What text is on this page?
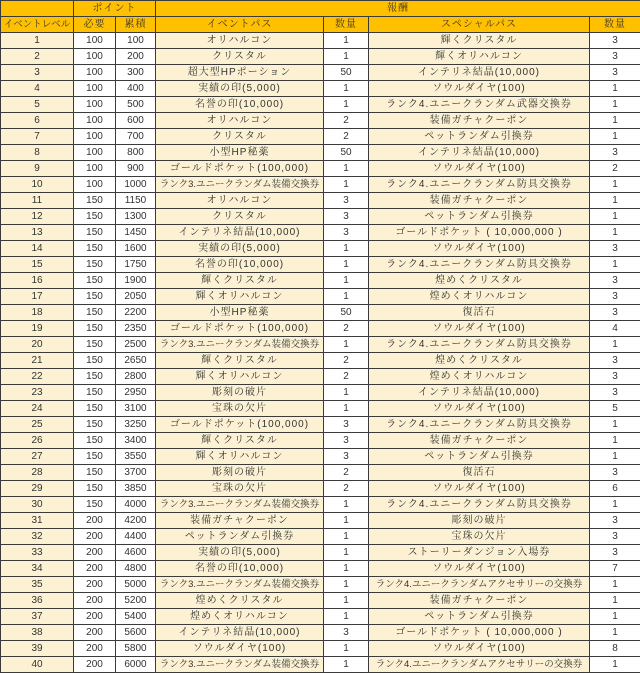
	ポイント		報酬			
イベントレベル	必要	累積	イベントパス	数量	スペシャルパス	数量
1	100	100	オリハルコン	1	輝くクリスタル	3
2	100	200	クリスタル	1	輝くオリハルコン	3
3	100	300	超大型HPポーション	50	インテリネ結晶(10,000)	3
4	100	400	実績の印(5,000)	1	ソウルダイヤ(100)	1
5	100	500	名誉の印(10,000)	1	ランク4.ユニークランダム武器交換券	1
6	100	600	オリハルコン	2	装備ガチャクーポン	1
7	100	700	クリスタル	2	ペットランダム引換券	1
8	100	800	小型HP秘薬	50	インテリネ結晶(10,000)	3
9	100	900	ゴールドポケット(100,000)	1	ソウルダイヤ(100)	2
10	100	1000	ランク3.ユニークランダム装備交換券	1	ランク4.ユニークランダム防具交換券	1
11	150	1150	オリハルコン	3	装備ガチャクーポン	1
12	150	1300	クリスタル	3	ペットランダム引換券	1
13	150	1450	インテリネ結晶(10,000)	3	ゴールドポケット ( 10,000,000 )	1
14	150	1600	実績の印(5,000)	1	ソウルダイヤ(100)	3
15	150	1750	名誉の印(10,000)	1	ランク4.ユニークランダム防具交換券	1
16	150	1900	輝くクリスタル	1	煌めくクリスタル	3
17	150	2050	輝くオリハルコン	1	煌めくオリハルコン	3
18	150	2200	小型HP秘薬	50	復活石	3
19	150	2350	ゴールドポケット(100,000)	2	ソウルダイヤ(100)	4
20	150	2500	ランク3.ユニークランダム装備交換券	1	ランク4.ユニークランダム防具交換券	1
21	150	2650	輝くクリスタル	2	煌めくクリスタル	3
22	150	2800	輝くオリハルコン	2	煌めくオリハルコン	3
23	150	2950	彫刻の破片	1	インテリネ結晶(10,000)	3
24	150	3100	宝珠の欠片	1	ソウルダイヤ(100)	5
25	150	3250	ゴールドポケット(100,000)	3	ランク4.ユニークランダム防具交換券	1
26	150	3400	輝くクリスタル	3	装備ガチャクーポン	1
27	150	3550	輝くオリハルコン	3	ペットランダム引換券	1
28	150	3700	彫刻の破片	2	復活石	3
29	150	3850	宝珠の欠片	2	ソウルダイヤ(100)	6
30	150	4000	ランク3.ユニークランダム装備交換券	1	ランク4.ユニークランダム防具交換券	1
31	200	4200	装備ガチャクーポン	1	彫刻の破片	3
32	200	4400	ペットランダム引換券	1	宝珠の欠片	3
33	200	4600	実績の印(5,000)	1	ストーリーダンジョン入場券	3
34	200	4800	名誉の印(10,000)	1	ソウルダイヤ(100)	7
35	200	5000	ランク3.ユニークランダム装備交換券	1	ランク4.ユニークランダムアクセサリーの交換券	1
36	200	5200	煌めくクリスタル	1	装備ガチャクーポン	1
37	200	5400	煌めくオリハルコン	1	ペットランダム引換券	1
38	200	5600	インテリネ結晶(10,000)	3	ゴールドポケット ( 10,000,000 )	1
39	200	5800	ソウルダイヤ(100)	1	ソウルダイヤ(100)	8
40	200	6000	ランク3.ユニークランダム装備交換券	1	ランク4.ユニークランダムアクセサリーの交換券	1
